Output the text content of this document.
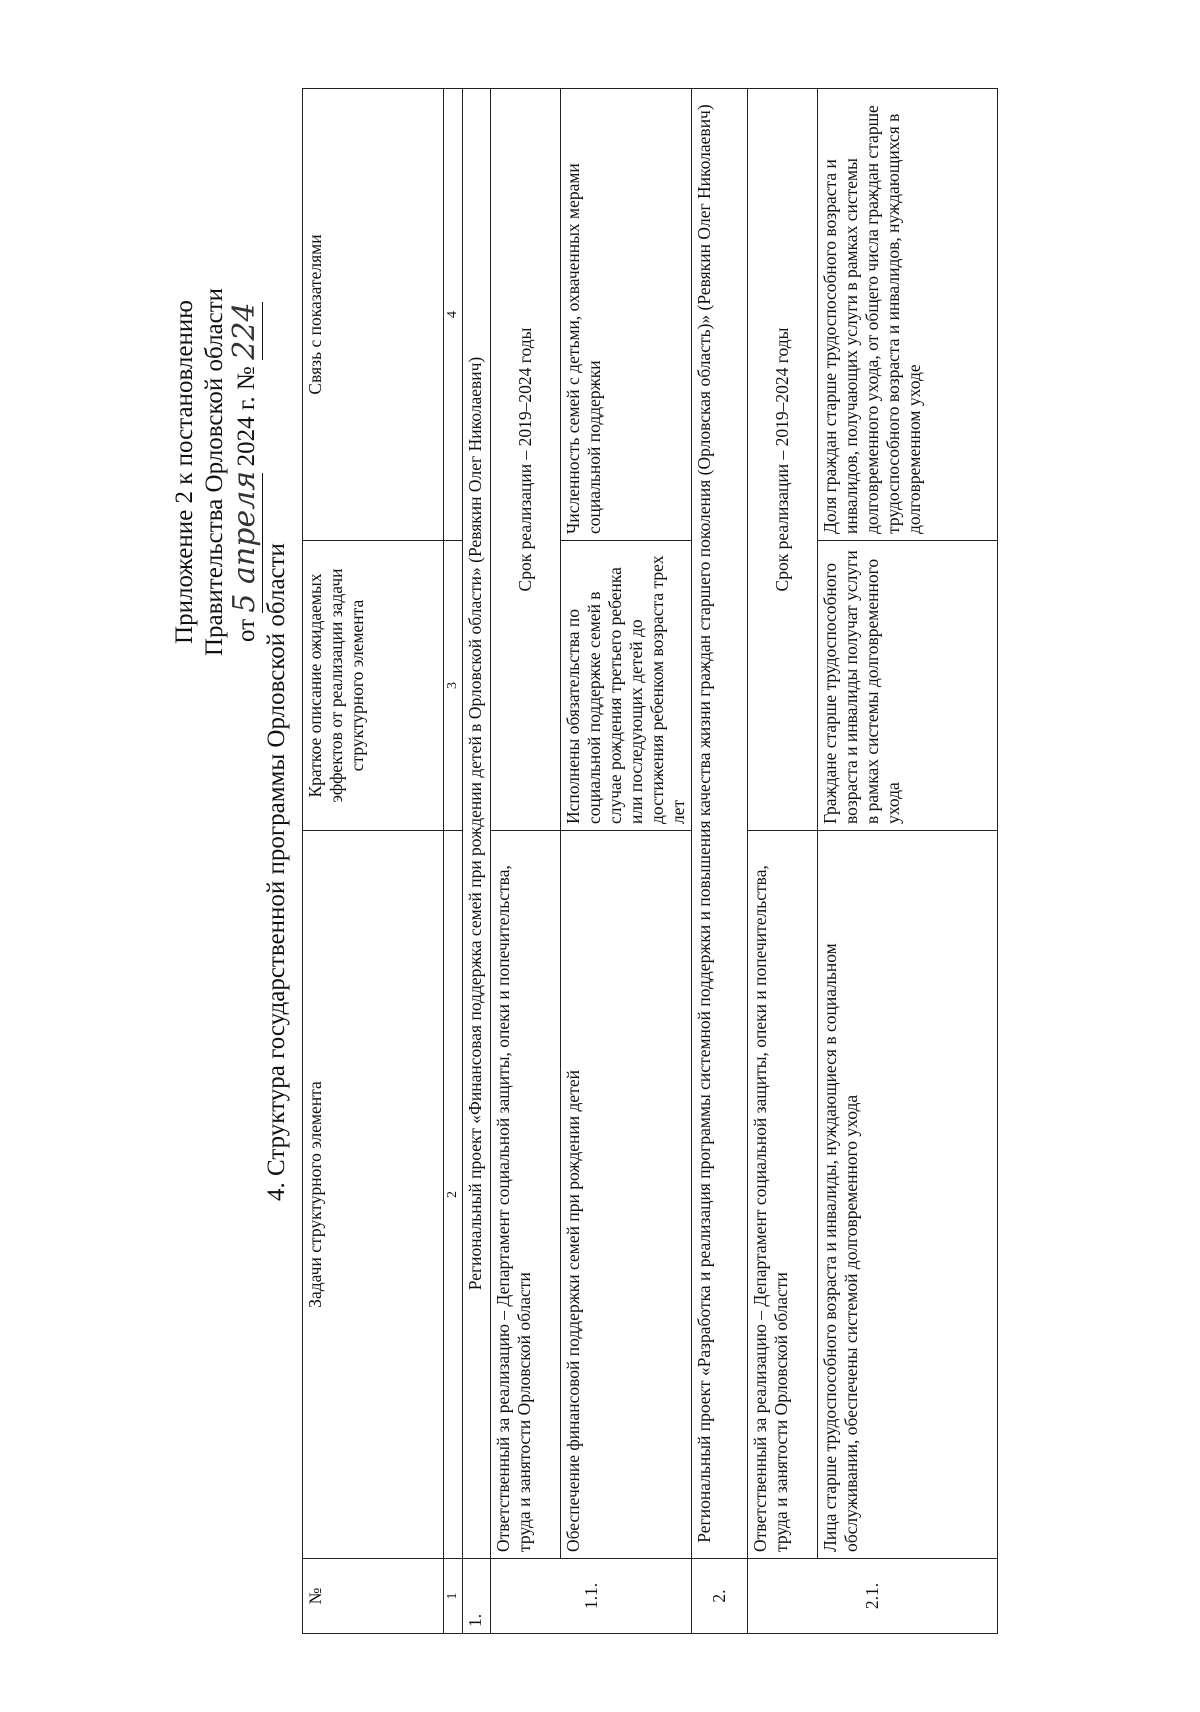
Приложение 2 к постановлению Правительства Орловской области от 5 апреля 2024 г. № 224
4. Структура государственной программы Орловской области
№	Задачи структурного элемента	Краткое описание ожидаемых эффектов от реализации задачи структурного элемента	Связь с показателями
1	2	3	4
1.	Региональный проект «Финансовая поддержка семей при рождении детей в Орловской области» (Ревякин Олег Николаевич)		
1.1.	Ответственный за реализацию – Департамент социальной защиты, опеки и попечительства, труда и занятости Орловской области	Срок реализации – 2019–2024 годы	
	Обеспечение финансовой поддержки семей при рождении детей	Исполнены обязательства по социальной поддержке семей в случае рождения третьего ребенка или последующих детей до достижения ребенком возраста трех лет	Численность семей с детьми, охваченных мерами социальной поддержки
2.	Региональный проект «Разработка и реализация программы системной поддержки и повышения качества жизни граждан старшего поколения (Орловская область)» (Ревякин Олег Николаевич)		
2.1.	Ответственный за реализацию – Департамент социальной защиты, опеки и попечительства, труда и занятости Орловской области	Срок реализации – 2019–2024 годы	
	Лица старше трудоспособного возраста и инвалиды, нуждающиеся в социальном обслуживании, обеспечены системой долговременного ухода	Граждане старше трудоспособного возраста и инвалиды получат услуги в рамках системы долговременного ухода	Доля граждан старше трудоспособного возраста и инвалидов, получающих услуги в рамках системы долговременного ухода, от общего числа граждан старше трудоспособного возраста и инвалидов, нуждающихся в долговременном уходе
